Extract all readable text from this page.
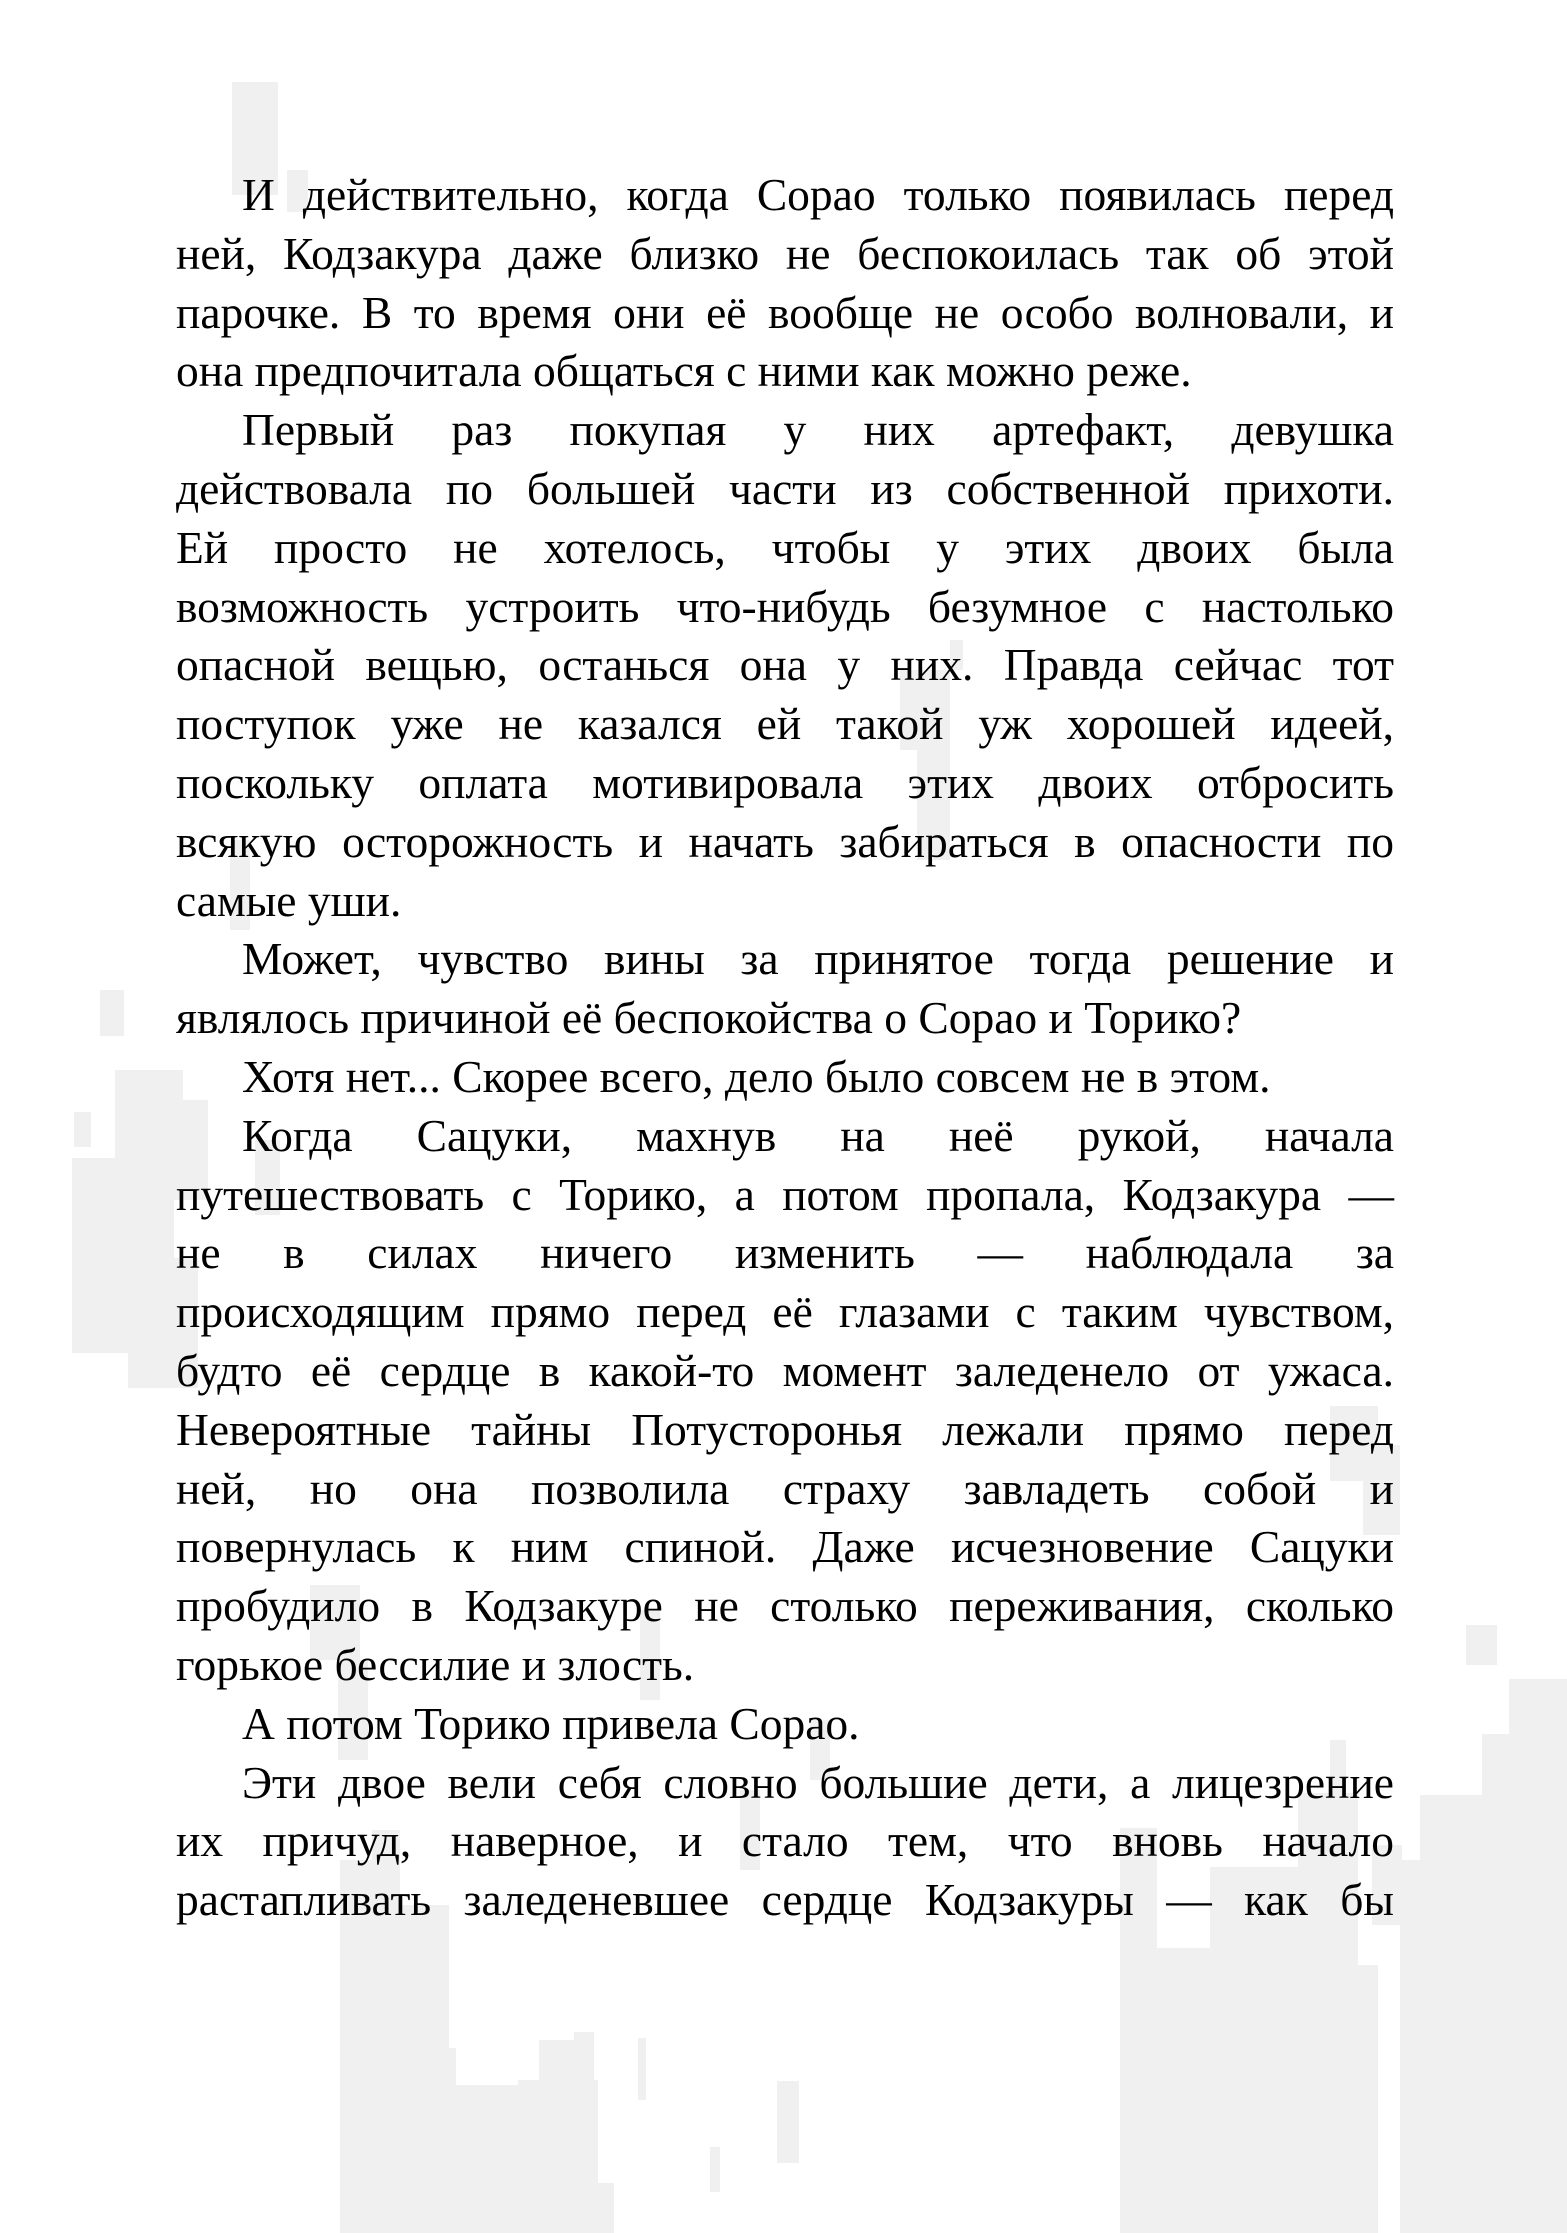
И действительно, когда Сорао только появилась перед
ней, Кодзакура даже близко не беспокоилась так об этой
парочке. В то время они её вообще не особо волновали, и
она предпочитала общаться с ними как можно реже.
Первый раз покупая у них артефакт, девушка
действовала по большей части из собственной прихоти.
Ей просто не хотелось, чтобы у этих двоих была
возможность устроить что-нибудь безумное с настолько
опасной вещью, останься она у них. Правда сейчас тот
поступок уже не казался ей такой уж хорошей идеей,
поскольку оплата мотивировала этих двоих отбросить
всякую осторожность и начать забираться в опасности по
самые уши.
Может, чувство вины за принятое тогда решение и
являлось причиной её беспокойства о Сорао и Торико?
Хотя нет... Скорее всего, дело было совсем не в этом.
Когда Сацуки, махнув на неё рукой, начала
путешествовать с Торико, а потом пропала, Кодзакура —
не в силах ничего изменить — наблюдала за
происходящим прямо перед её глазами с таким чувством,
будто её сердце в какой-то момент заледенело от ужаса.
Невероятные тайны Потусторонья лежали прямо перед
ней, но она позволила страху завладеть собой и
повернулась к ним спиной. Даже исчезновение Сацуки
пробудило в Кодзакуре не столько переживания, сколько
горькое бессилие и злость.
А потом Торико привела Сорао.
Эти двое вели себя словно большие дети, а лицезрение
их причуд, наверное, и стало тем, что вновь начало
растапливать заледеневшее сердце Кодзакуры — как бы
